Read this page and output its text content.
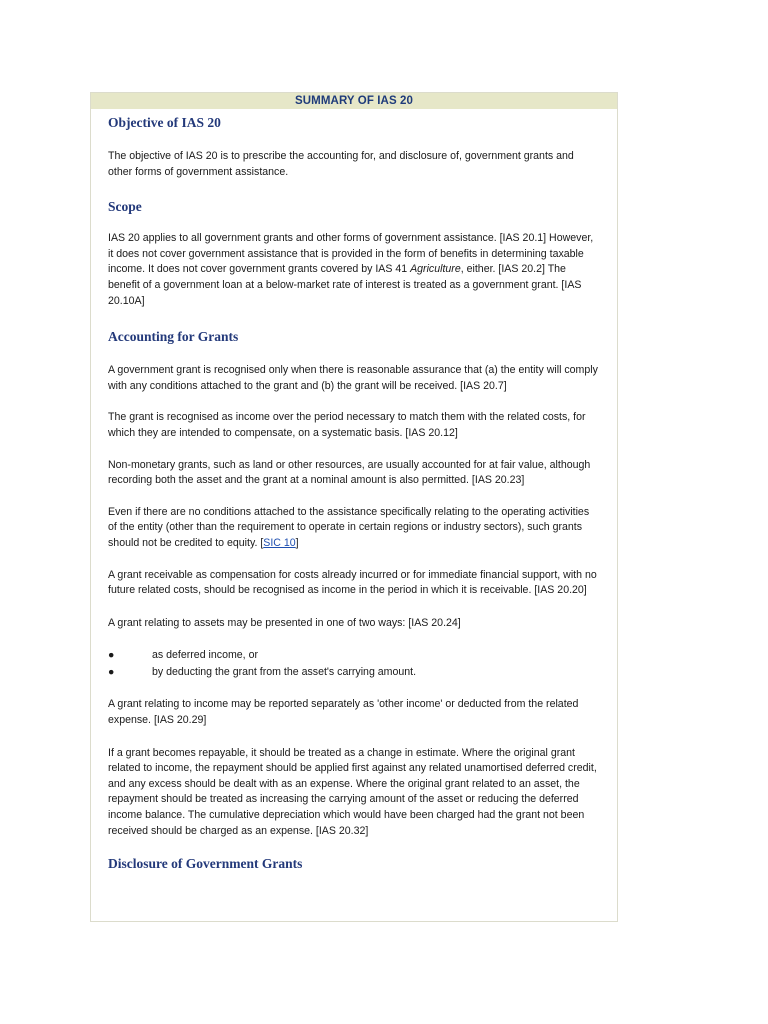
SUMMARY OF IAS 20
Objective of IAS 20

The objective of IAS 20 is to prescribe the accounting for, and disclosure of, government grants and other forms of government assistance.

Scope

IAS 20 applies to all government grants and other forms of government assistance. [IAS 20.1] However, it does not cover government assistance that is provided in the form of benefits in determining taxable income. It does not cover government grants covered by IAS 41 Agriculture, either. [IAS 20.2] The benefit of a government loan at a below-market rate of interest is treated as a government grant. [IAS 20.10A]

Accounting for Grants

A government grant is recognised only when there is reasonable assurance that (a) the entity will comply with any conditions attached to the grant and (b) the grant will be received. [IAS 20.7]

The grant is recognised as income over the period necessary to match them with the related costs, for which they are intended to compensate, on a systematic basis. [IAS 20.12]

Non-monetary grants, such as land or other resources, are usually accounted for at fair value, although recording both the asset and the grant at a nominal amount is also permitted. [IAS 20.23]

Even if there are no conditions attached to the assistance specifically relating to the operating activities of the entity (other than the requirement to operate in certain regions or industry sectors), such grants should not be credited to equity. [SIC 10]

A grant receivable as compensation for costs already incurred or for immediate financial support, with no future related costs, should be recognised as income in the period in which it is receivable. [IAS 20.20]

A grant relating to assets may be presented in one of two ways: [IAS 20.24]

●	as deferred income, or
●	by deducting the grant from the asset's carrying amount.

A grant relating to income may be reported separately as 'other income' or deducted from the related expense. [IAS 20.29]

If a grant becomes repayable, it should be treated as a change in estimate. Where the original grant related to income, the repayment should be applied first against any related unamortised deferred credit, and any excess should be dealt with as an expense. Where the original grant related to an asset, the repayment should be treated as increasing the carrying amount of the asset or reducing the deferred income balance. The cumulative depreciation which would have been charged had the grant not been received should be charged as an expense. [IAS 20.32]

Disclosure of Government Grants
